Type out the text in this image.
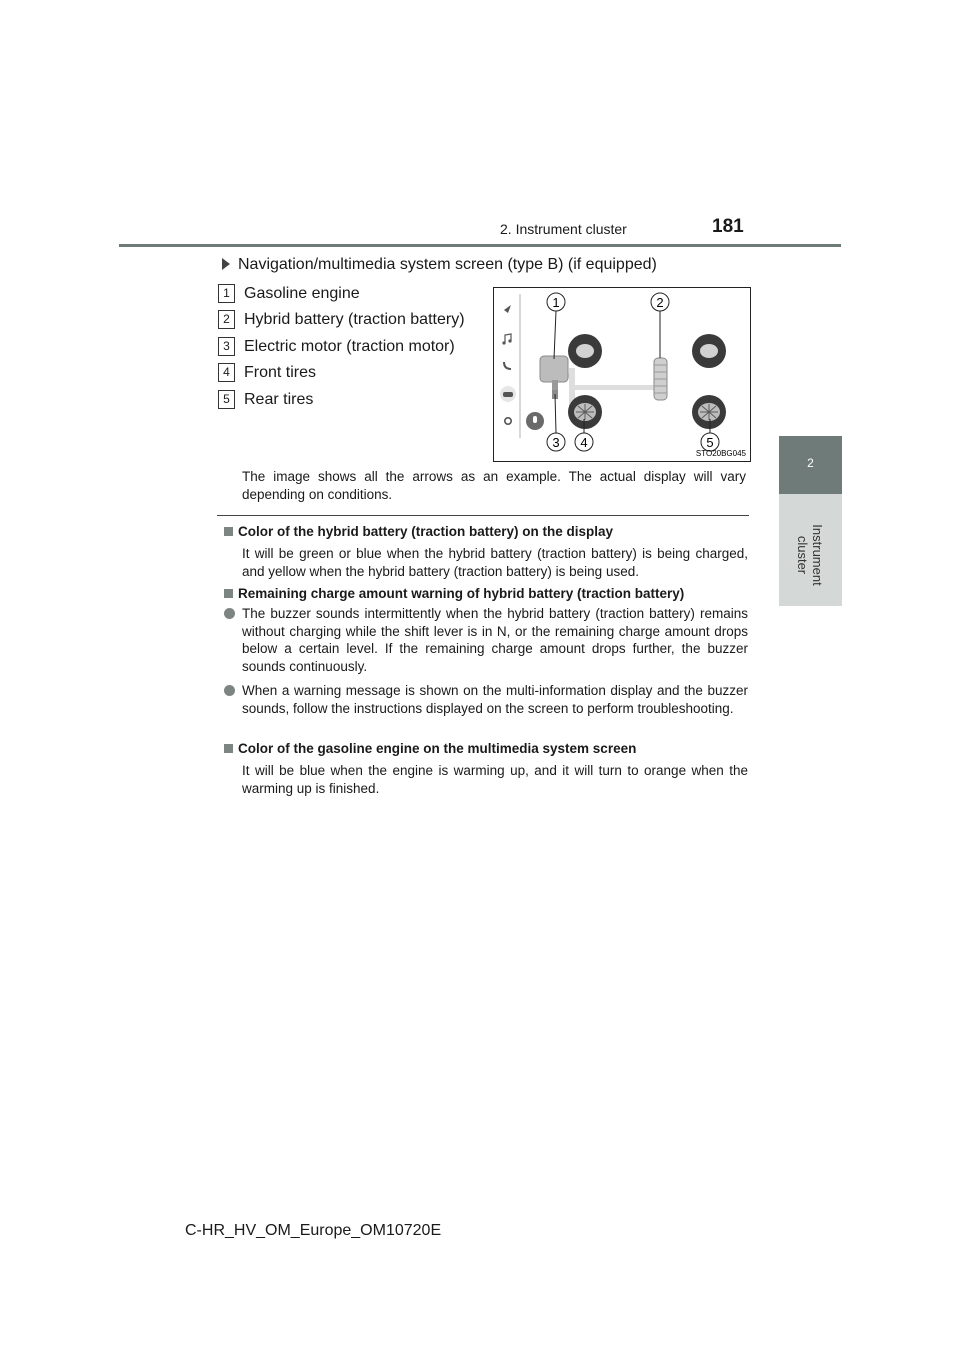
2. Instrument cluster	181
2
Instrument cluster
Navigation/multimedia system screen (type B) (if equipped)
1 Gasoline engine
2 Hybrid battery (traction battery)
3 Electric motor (traction motor)
4 Front tires
5 Rear tires
1	2
3 4	5
STO20BG045
The image shows all the arrows as an example. The actual display will vary depending on conditions.
Color of the hybrid battery (traction battery) on the display
It will be green or blue when the hybrid battery (traction battery) is being charged, and yellow when the hybrid battery (traction battery) is being used.
Remaining charge amount warning of hybrid battery (traction battery)
The buzzer sounds intermittently when the hybrid battery (traction battery) remains without charging while the shift lever is in N, or the remaining charge amount drops below a certain level. If the remaining charge amount drops further, the buzzer sounds continuously.
When a warning message is shown on the multi-information display and the buzzer sounds, follow the instructions displayed on the screen to perform troubleshooting.
Color of the gasoline engine on the multimedia system screen
It will be blue when the engine is warming up, and it will turn to orange when the warming up is finished.
C-HR_HV_OM_Europe_OM10720E
